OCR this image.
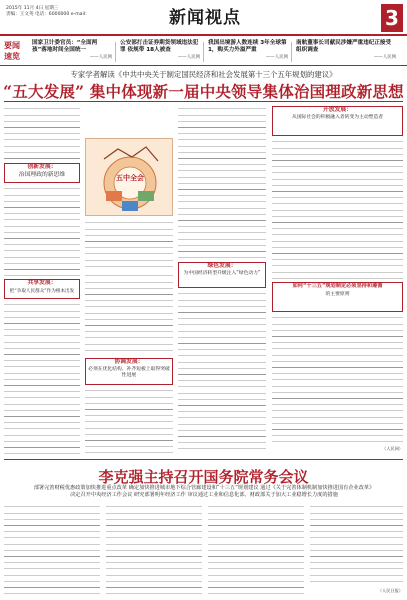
2015年 11月 4日 星期三
责编：王文英 电话：6000000 e-mail：	新闻视点	3
要闻
速览
国家卫计委官员：“全面两孩”落地时间全国统一
——人民网
公安部打击证券期货领域违法犯罪 依规带 18人被查
——人民网
我国出境游人数连续 3年全球第 1，购买力外溢严重
——人民网
南航董事长司献民涉嫌严重违纪正接受组织调查
——人民网
专家学者解读《中共中央关于制定国民经济和社会发展第十三个五年规划的建议》
“五大发展” 集中体现新一届中央领导集体治国理政新思想
创新发展：
治国理政的新思维
共享发展：
把“争取人民群众”作为根本出发
五中全会
协调发展：
必须在优化结构、补齐短板上取得突破性进展
绿色发展：
为中国经济转型升级注入“绿色动力”
开放发展：
从国际社会的积极融入者转变为主动塑造者
如何“十三五”规划制定必须坚持和遵循
的主要原则
（人民网）
李克强主持召开国务院常务会议
部署完善财税优惠政策加快推进重点改革 确定加快推进城市地下综合管廊建设和“十三五”规划建议 通过《关于完善体制机制加快推进国有企业改革》
决定召开中央经济工作会议 研究部署明年经济工作 审议通过工业和信息化部、财政部关于加大工业稳增长力度的措施
（人民日报）
